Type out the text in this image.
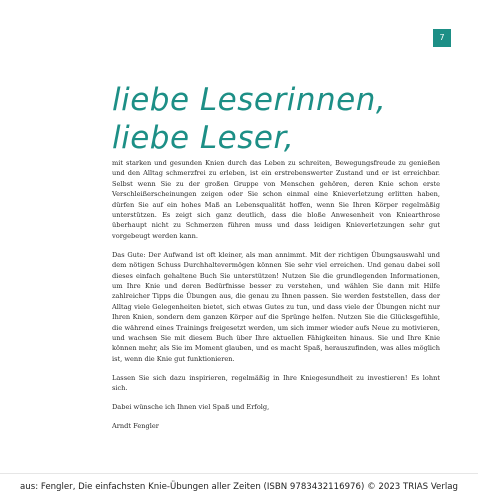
7
liebe Leserinnen,
liebe Leser,

mit starken und gesunden Knien durch das Leben zu schreiten, Bewegungsfreude zu genießen und den Alltag schmerzfrei zu erleben, ist ein erstrebenswerter Zustand und er ist erreichbar. Selbst wenn Sie zu der großen Gruppe von Menschen gehören, deren Knie schon erste Verschleißerscheinungen zeigen oder Sie schon einmal eine Knieverletzung erlitten haben, dürfen Sie auf ein hohes Maß an Lebensqualität hoffen, wenn Sie Ihren Körper regelmäßig unterstützen. Es zeigt sich ganz deutlich, dass die bloße Anwesenheit von Kniearthrose überhaupt nicht zu Schmerzen führen muss und dass leidigen Knieverletzungen sehr gut vorgebeugt werden kann.

Das Gute: Der Aufwand ist oft kleiner, als man annimmt. Mit der richtigen Übungsauswahl und dem nötigen Schuss Durchhaltevermögen können Sie sehr viel erreichen. Und genau dabei soll dieses einfach gehaltene Buch Sie unterstützen! Nutzen Sie die grundlegenden Informationen, um Ihre Knie und deren Bedürfnisse besser zu verstehen, und wählen Sie dann mit Hilfe zahlreicher Tipps die Übungen aus, die genau zu Ihnen passen. Sie werden feststellen, dass der Alltag viele Gelegenheiten bietet, sich etwas Gutes zu tun, und dass viele der Übungen nicht nur Ihren Knien, sondern dem ganzen Körper auf die Sprünge helfen. Nutzen Sie die Glücksgefühle, die während eines Trainings freigesetzt werden, um sich immer wieder aufs Neue zu motivieren, und wachsen Sie mit diesem Buch über Ihre aktuellen Fähigkeiten hinaus. Sie und Ihre Knie können mehr, als Sie im Moment glauben, und es macht Spaß, herauszufinden, was alles möglich ist, wenn die Knie gut funktionieren.

Lassen Sie sich dazu inspirieren, regelmäßig in Ihre Kniegesundheit zu investieren! Es lohnt sich.

Dabei wünsche ich Ihnen viel Spaß und Erfolg,

Arndt Fengler

aus: Fengler, Die einfachsten Knie-Übungen aller Zeiten (ISBN 9783432116976) © 2023 TRIAS Verlag
